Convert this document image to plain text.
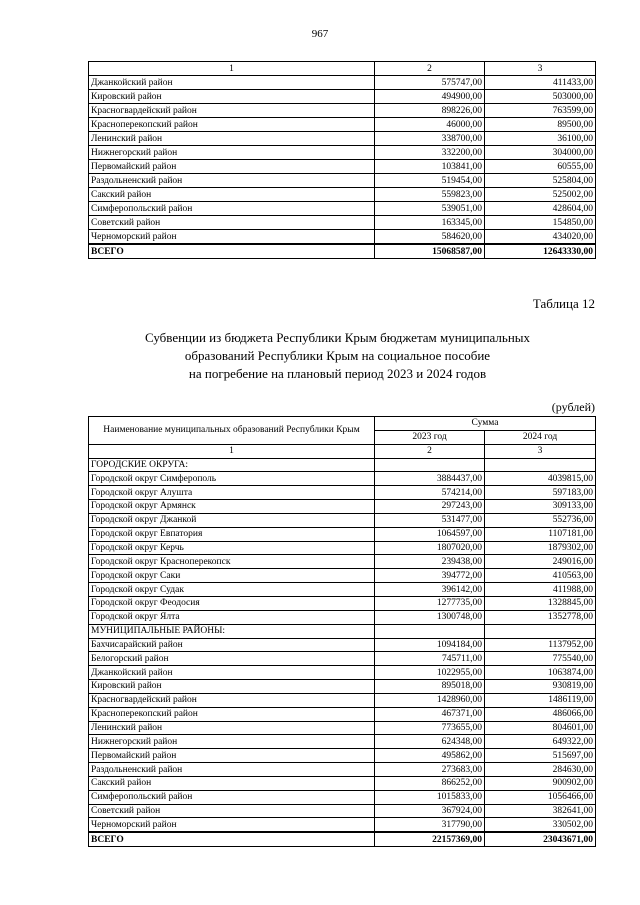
967
1	2	3
Джанкойский район	575747,00	411433,00
Кировский район	494900,00	503000,00
Красногвардейский район	898226,00	763599,00
Красноперекопский район	46000,00	89500,00
Ленинский район	338700,00	36100,00
Нижнегорский район	332200,00	304000,00
Первомайский район	103841,00	60555,00
Раздольненский район	519454,00	525804,00
Сакский район	559823,00	525002,00
Симферопольский район	539051,00	428604,00
Советский район	163345,00	154850,00
Черноморский район	584620,00	434020,00
ВСЕГО	15068587,00	12643330,00
Таблица 12
Субвенции из бюджета Республики Крым бюджетам муниципальных
образований Республики Крым на социальное пособие
на погребение на плановый период 2023 и 2024 годов
(рублей)
Наименование муниципальных образований Республики Крым	Сумма	
	2023 год	2024 год
1	2	3
ГОРОДСКИЕ ОКРУГА:		
Городской округ Симферополь	3884437,00	4039815,00
Городской округ Алушта	574214,00	597183,00
Городской округ Армянск	297243,00	309133,00
Городской округ Джанкой	531477,00	552736,00
Городской округ Евпатория	1064597,00	1107181,00
Городской округ Керчь	1807020,00	1879302,00
Городской округ Красноперекопск	239438,00	249016,00
Городской округ Саки	394772,00	410563,00
Городской округ Судак	396142,00	411988,00
Городской округ Феодосия	1277735,00	1328845,00
Городской округ Ялта	1300748,00	1352778,00
МУНИЦИПАЛЬНЫЕ РАЙОНЫ:		
Бахчисарайский район	1094184,00	1137952,00
Белогорский район	745711,00	775540,00
Джанкойский район	1022955,00	1063874,00
Кировский район	895018,00	930819,00
Красногвардейский район	1428960,00	1486119,00
Красноперекопский район	467371,00	486066,00
Ленинский район	773655,00	804601,00
Нижнегорский район	624348,00	649322,00
Первомайский район	495862,00	515697,00
Раздольненский район	273683,00	284630,00
Сакский район	866252,00	900902,00
Симферопольский район	1015833,00	1056466,00
Советский район	367924,00	382641,00
Черноморский район	317790,00	330502,00
ВСЕГО	22157369,00	23043671,00
